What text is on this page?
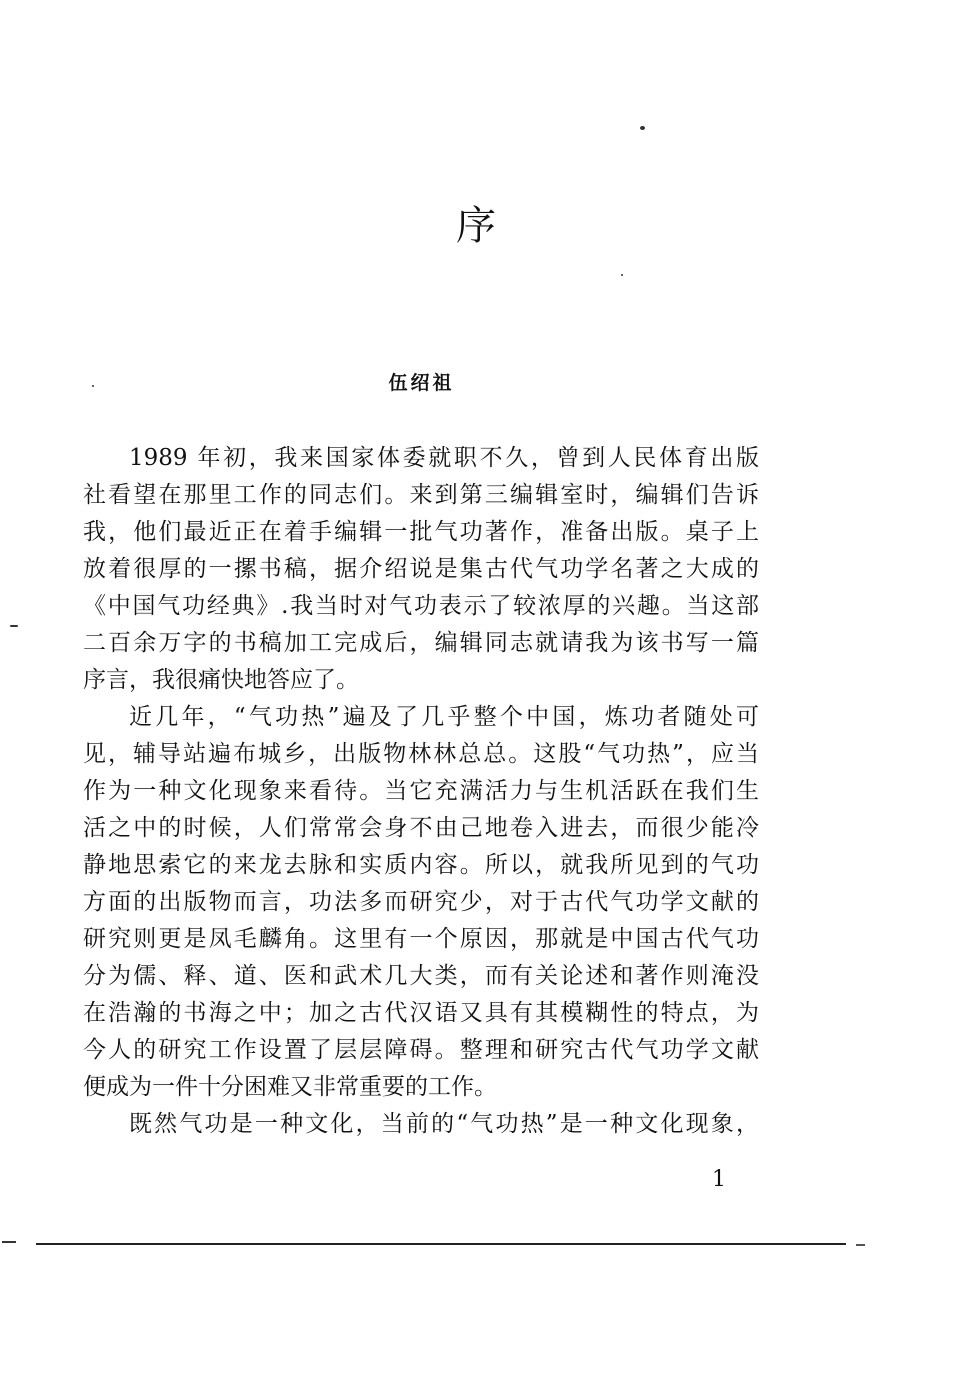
序
伍绍祖
1989 年初，我来国家体委就职不久，曾到人民体育出版
社看望在那里工作的同志们。来到第三编辑室时，编辑们告诉
我，他们最近正在着手编辑一批气功著作，准备出版。桌子上
放着很厚的一摞书稿，据介绍说是集古代气功学名著之大成的
《中国气功经典》.我当时对气功表示了较浓厚的兴趣。当这部
二百余万字的书稿加工完成后，编辑同志就请我为该书写一篇
序言，我很痛快地答应了。
近几年，“气功热”遍及了几乎整个中国，炼功者随处可
见，辅导站遍布城乡，出版物林林总总。这股“气功热”，应当
作为一种文化现象来看待。当它充满活力与生机活跃在我们生
活之中的时候，人们常常会身不由己地卷入进去，而很少能冷
静地思索它的来龙去脉和实质内容。所以，就我所见到的气功
方面的出版物而言，功法多而研究少，对于古代气功学文献的
研究则更是凤毛麟角。这里有一个原因，那就是中国古代气功
分为儒、释、道、医和武术几大类，而有关论述和著作则淹没
在浩瀚的书海之中；加之古代汉语又具有其模糊性的特点，为
今人的研究工作设置了层层障碍。整理和研究古代气功学文献
便成为一件十分困难又非常重要的工作。
既然气功是一种文化，当前的“气功热”是一种文化现象，
1
